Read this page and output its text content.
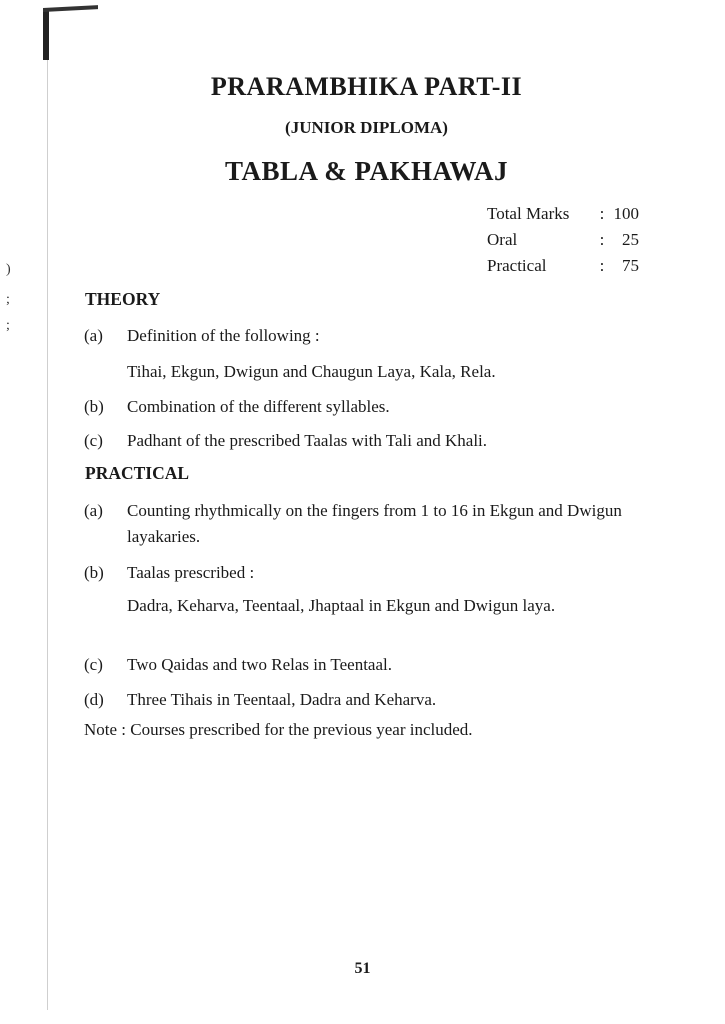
)
;
;
PRARAMBHIKA PART-II
(JUNIOR DIPLOMA)
TABLA & PAKHAWAJ
Total Marks	: 100
Oral	:	25
Practical	:	75
THEORY
(a) Definition of the following :
Tihai, Ekgun, Dwigun and Chaugun Laya, Kala, Rela.
(b) Combination of the different syllables.
(c) Padhant of the prescribed Taalas with Tali and Khali.
PRACTICAL
(a) Counting rhythmically on the fingers from 1 to 16 in Ekgun and Dwigun layakaries.
(b) Taalas prescribed :
Dadra, Keharva, Teentaal, Jhaptaal in Ekgun and Dwigun laya.
(c) Two Qaidas and two Relas in Teentaal.
(d) Three Tihais in Teentaal, Dadra and Keharva.
Note : Courses prescribed for the previous year included.
51
